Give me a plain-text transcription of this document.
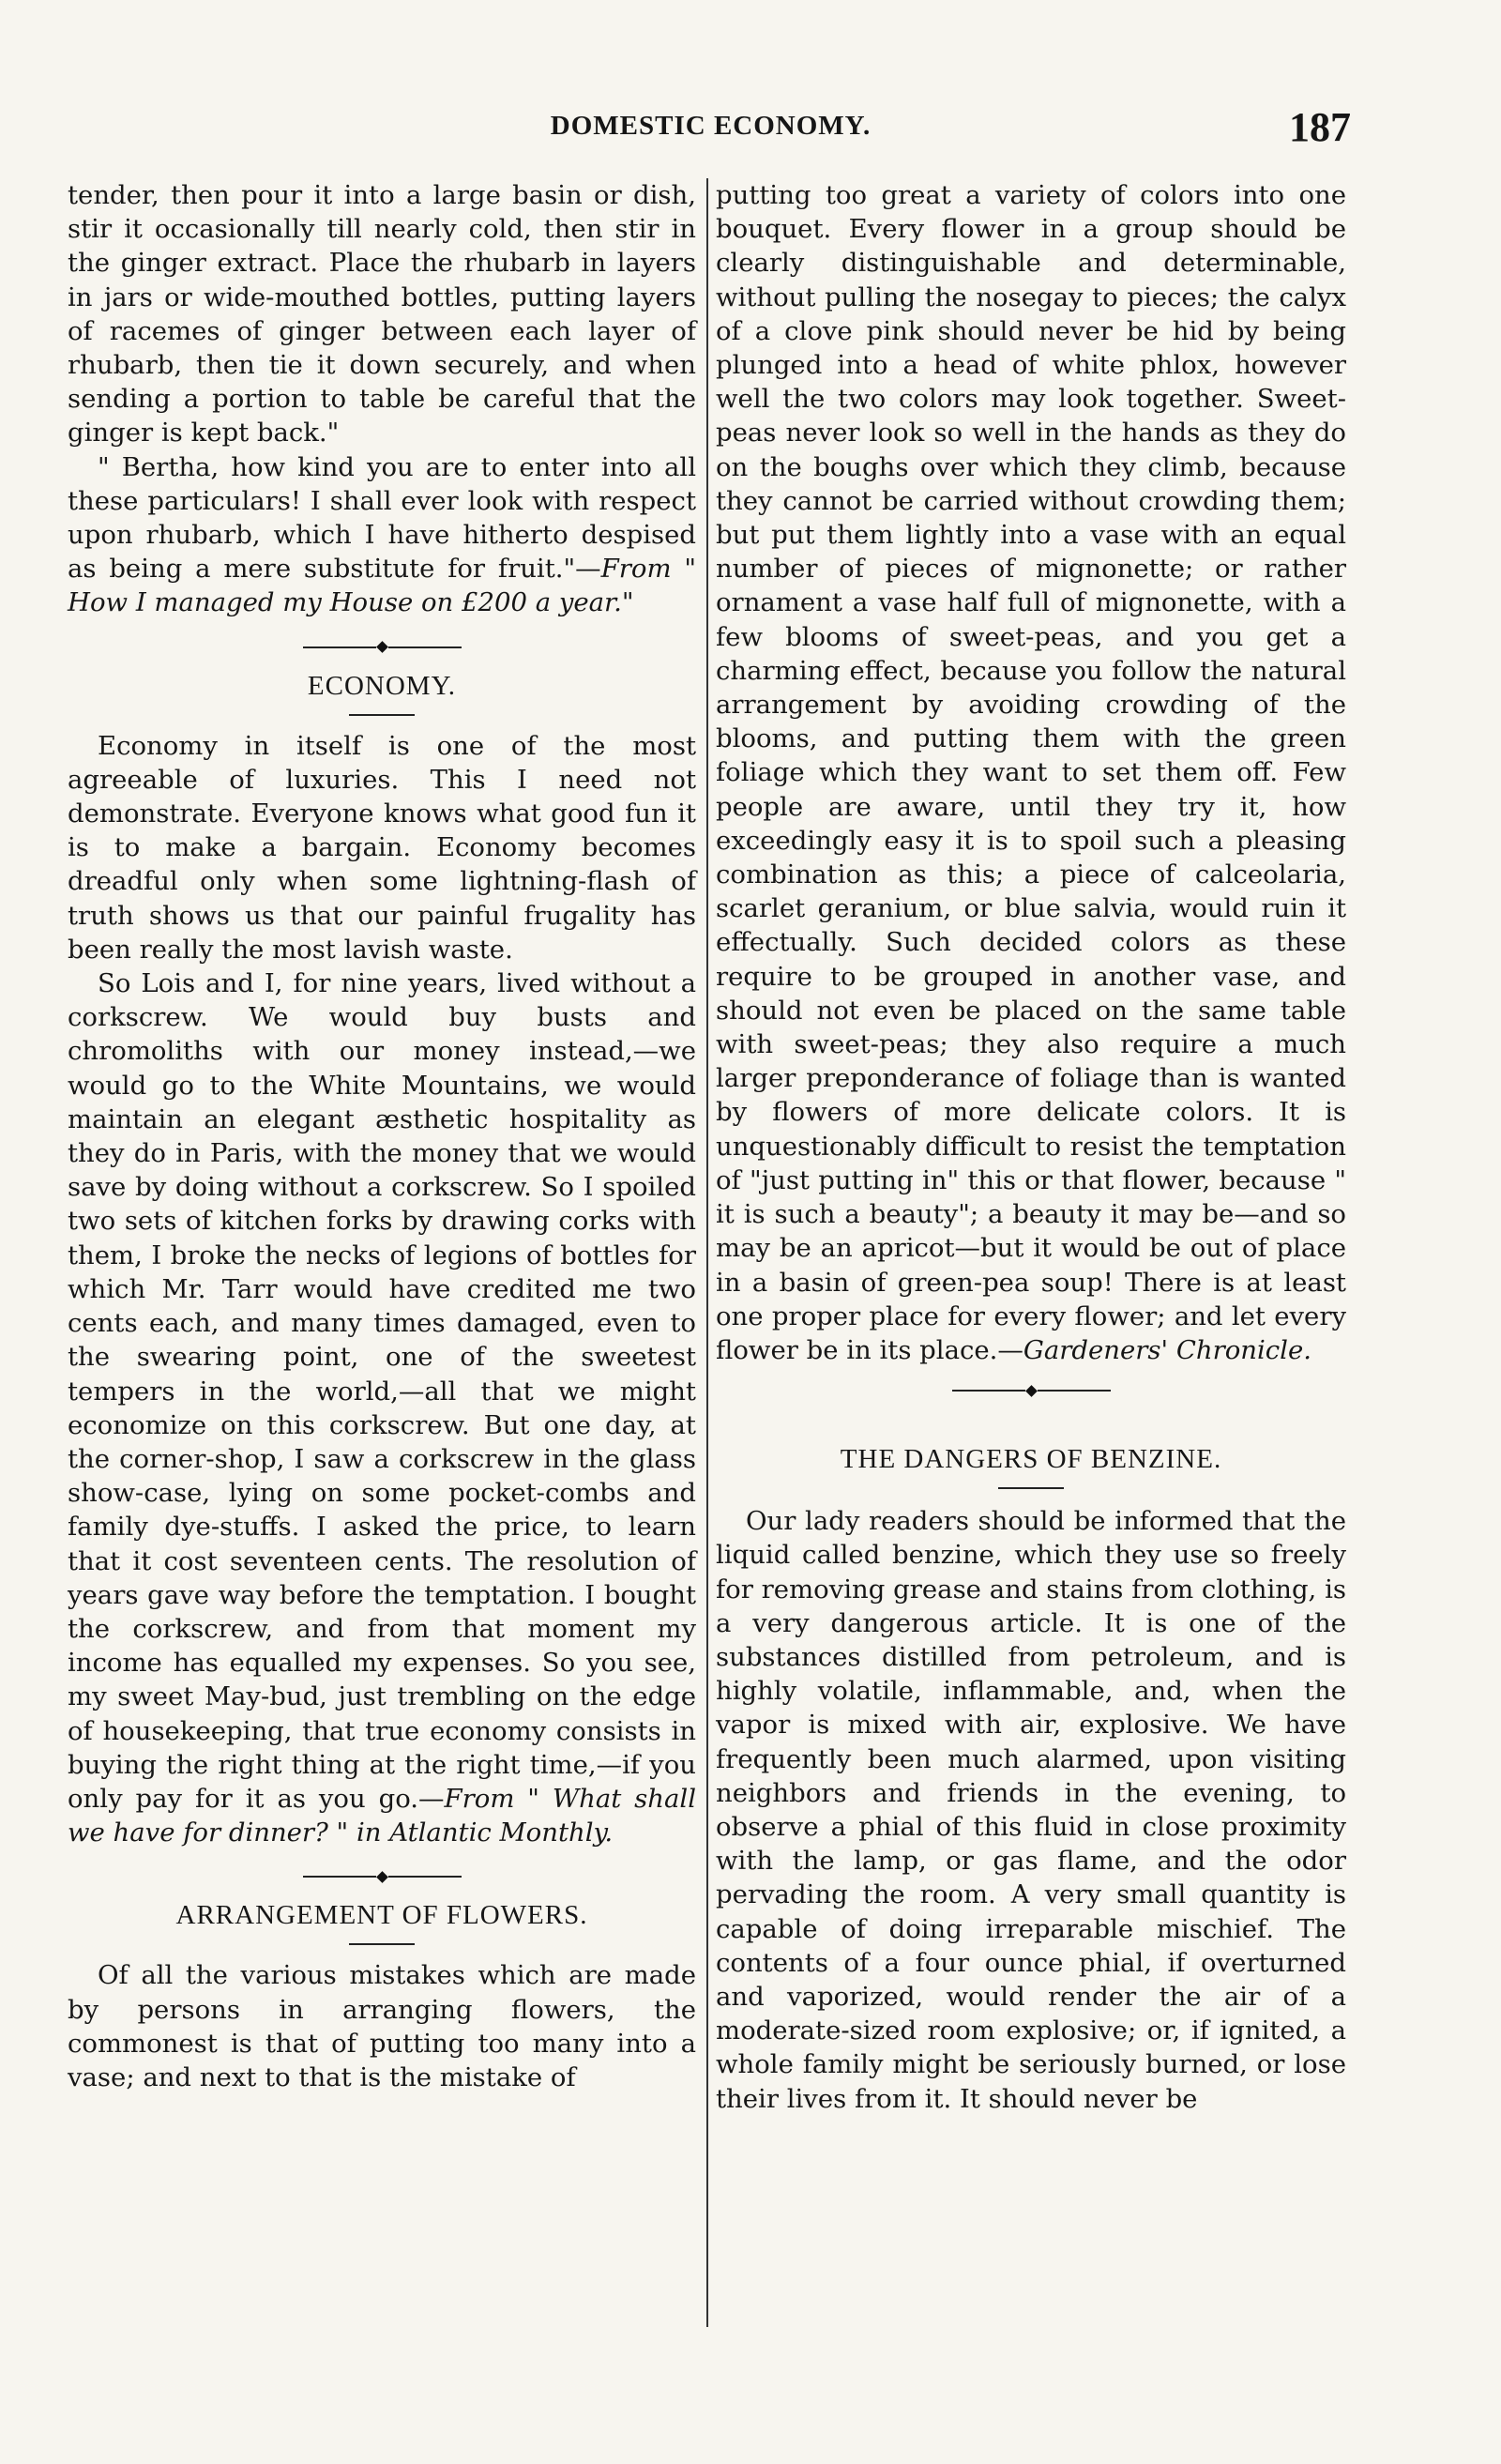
DOMESTIC ECONOMY.	187

tender, then pour it into a large basin or dish, stir it occasionally till nearly cold, then stir in the ginger extract. Place the rhubarb in layers in jars or wide-mouthed bottles, putting layers of racemes of ginger between each layer of rhubarb, then tie it down securely, and when sending a portion to table be careful that the ginger is kept back."

" Bertha, how kind you are to enter into all these particulars! I shall ever look with respect upon rhubarb, which I have hitherto despised as being a mere substitute for fruit."—From " How I managed my House on £200 a year."

ECONOMY.

Economy in itself is one of the most agreeable of luxuries. This I need not demonstrate. Everyone knows what good fun it is to make a bargain. Economy becomes dreadful only when some lightning-flash of truth shows us that our painful frugality has been really the most lavish waste.

So Lois and I, for nine years, lived without a corkscrew. We would buy busts and chromoliths with our money instead,—we would go to the White Mountains, we would maintain an elegant æsthetic hospitality as they do in Paris, with the money that we would save by doing without a corkscrew. So I spoiled two sets of kitchen forks by drawing corks with them, I broke the necks of legions of bottles for which Mr. Tarr would have credited me two cents each, and many times damaged, even to the swearing point, one of the sweetest tempers in the world,—all that we might economize on this corkscrew. But one day, at the corner-shop, I saw a corkscrew in the glass show-case, lying on some pocket-combs and family dye-stuffs. I asked the price, to learn that it cost seventeen cents. The resolution of years gave way before the temptation. I bought the corkscrew, and from that moment my income has equalled my expenses. So you see, my sweet May-bud, just trembling on the edge of housekeeping, that true economy consists in buying the right thing at the right time,—if you only pay for it as you go.—From " What shall we have for dinner? " in Atlantic Monthly.

ARRANGEMENT OF FLOWERS.

Of all the various mistakes which are made by persons in arranging flowers, the commonest is that of putting too many into a vase; and next to that is the mistake of

putting too great a variety of colors into one bouquet. Every flower in a group should be clearly distinguishable and determinable, without pulling the nosegay to pieces; the calyx of a clove pink should never be hid by being plunged into a head of white phlox, however well the two colors may look together. Sweet-peas never look so well in the hands as they do on the boughs over which they climb, because they cannot be carried without crowding them; but put them lightly into a vase with an equal number of pieces of mignonette; or rather ornament a vase half full of mignonette, with a few blooms of sweet-peas, and you get a charming effect, because you follow the natural arrangement by avoiding crowding of the blooms, and putting them with the green foliage which they want to set them off. Few people are aware, until they try it, how exceedingly easy it is to spoil such a pleasing combination as this; a piece of calceolaria, scarlet geranium, or blue salvia, would ruin it effectually. Such decided colors as these require to be grouped in another vase, and should not even be placed on the same table with sweet-peas; they also require a much larger preponderance of foliage than is wanted by flowers of more delicate colors. It is unquestionably difficult to resist the temptation of "just putting in" this or that flower, because " it is such a beauty"; a beauty it may be—and so may be an apricot—but it would be out of place in a basin of green-pea soup! There is at least one proper place for every flower; and let every flower be in its place.—Gardeners' Chronicle.

THE DANGERS OF BENZINE.

Our lady readers should be informed that the liquid called benzine, which they use so freely for removing grease and stains from clothing, is a very dangerous article. It is one of the substances distilled from petroleum, and is highly volatile, inflammable, and, when the vapor is mixed with air, explosive. We have frequently been much alarmed, upon visiting neighbors and friends in the evening, to observe a phial of this fluid in close proximity with the lamp, or gas flame, and the odor pervading the room. A very small quantity is capable of doing irreparable mischief. The contents of a four ounce phial, if overturned and vaporized, would render the air of a moderate-sized room explosive; or, if ignited, a whole family might be seriously burned, or lose their lives from it. It should never be
